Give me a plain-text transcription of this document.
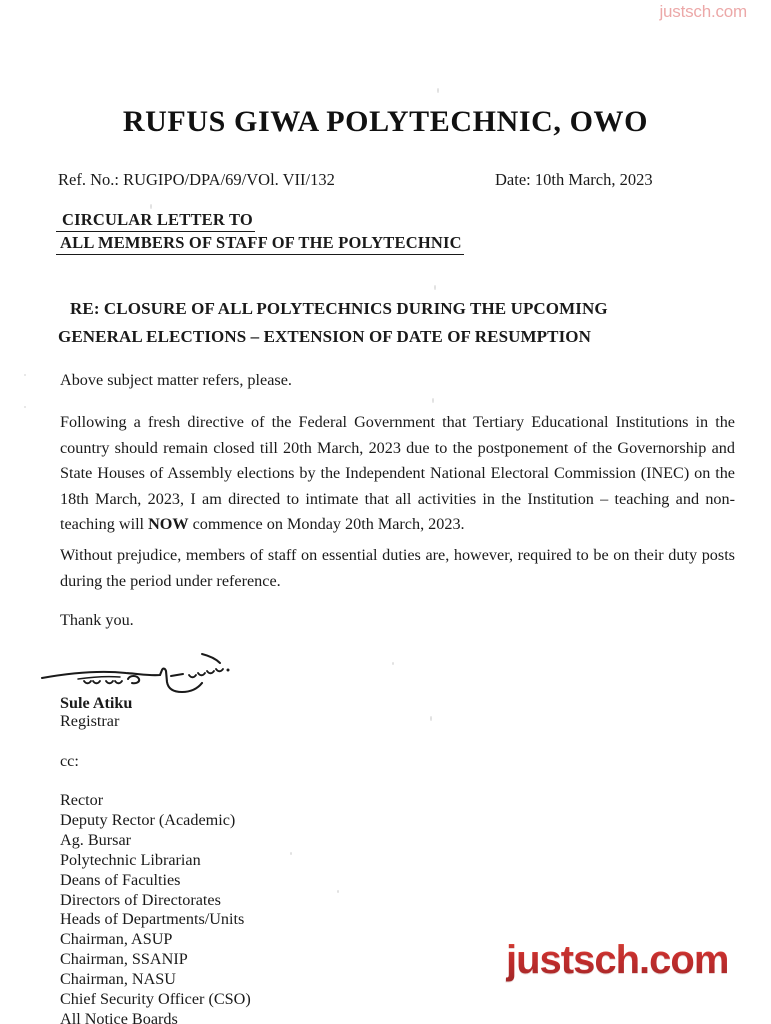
justsch.com
justsch.com
RUFUS GIWA POLYTECHNIC, OWO
Ref. No.: RUGIPO/DPA/69/VOl. VII/132	Date: 10th March, 2023
CIRCULAR LETTER TO
ALL MEMBERS OF STAFF OF THE POLYTECHNIC
RE: CLOSURE OF ALL POLYTECHNICS DURING THE UPCOMING
GENERAL ELECTIONS – EXTENSION OF DATE OF RESUMPTION
Above subject matter refers, please.
Following a fresh directive of the Federal Government that Tertiary Educational Institutions in the country should remain closed till 20th March, 2023 due to the postponement of the Governorship and State Houses of Assembly elections by the Independent National Electoral Commission (INEC) on the 18th March, 2023, I am directed to intimate that all activities in the Institution – teaching and non-teaching will NOW commence on Monday 20th March, 2023.
Without prejudice, members of staff on essential duties are, however, required to be on their duty posts during the period under reference.
Thank you.
Sule Atiku
Registrar
cc:
Rector
Deputy Rector (Academic)
Ag. Bursar
Polytechnic Librarian
Deans of Faculties
Directors of Directorates
Heads of Departments/Units
Chairman, ASUP
Chairman, SSANIP
Chairman, NASU
Chief Security Officer (CSO)
All Notice Boards
